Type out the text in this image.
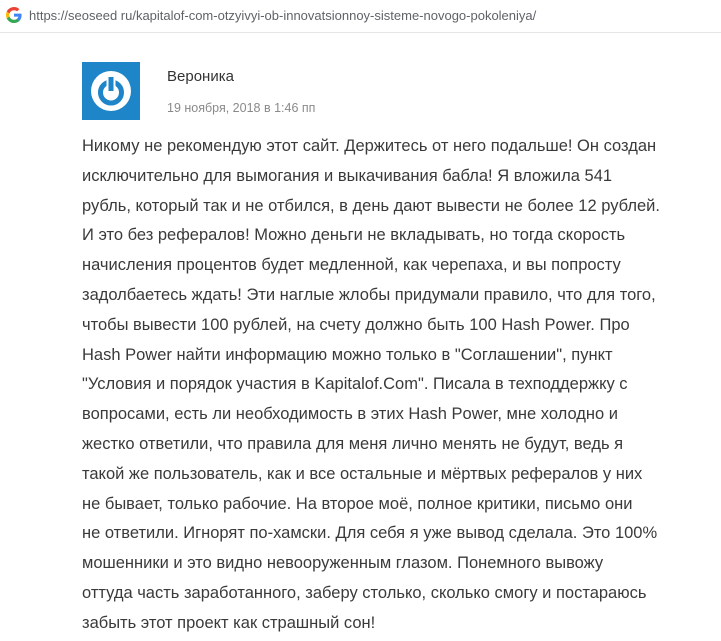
https://seoseed ru/kapitalof-com-otzyivyi-ob-innovatsionnoy-sisteme-novogo-pokoleniya/
Вероника
19 ноября, 2018 в 1:46 пп

Никому не рекомендую этот сайт. Держитесь от него подальше! Он создан
исключительно для вымогания и выкачивания бабла! Я вложила 541
рубль, который так и не отбился, в день дают вывести не более 12 рублей.
И это без рефералов! Можно деньги не вкладывать, но тогда скорость
начисления процентов будет медленной, как черепаха, и вы попросту
задолбаетесь ждать! Эти наглые жлобы придумали правило, что для того,
чтобы вывести 100 рублей, на счету должно быть 100 Hash Power. Про
Hash Power найти информацию можно только в "Соглашении", пункт
"Условия и порядок участия в Kapitalof.Com". Писала в техподдержку с
вопросами, есть ли необходимость в этих Hash Power, мне холодно и
жестко ответили, что правила для меня лично менять не будут, ведь я
такой же пользователь, как и все остальные и мёртвых рефералов у них
не бывает, только рабочие. На второе моё, полное критики, письмо они
не ответили. Игнорят по-хамски. Для себя я уже вывод сделала. Это 100%
мошенники и это видно невооруженным глазом. Понемного вывожу
оттуда часть заработанного, заберу столько, сколько смогу и постараюсь
забыть этот проект как страшный сон!
